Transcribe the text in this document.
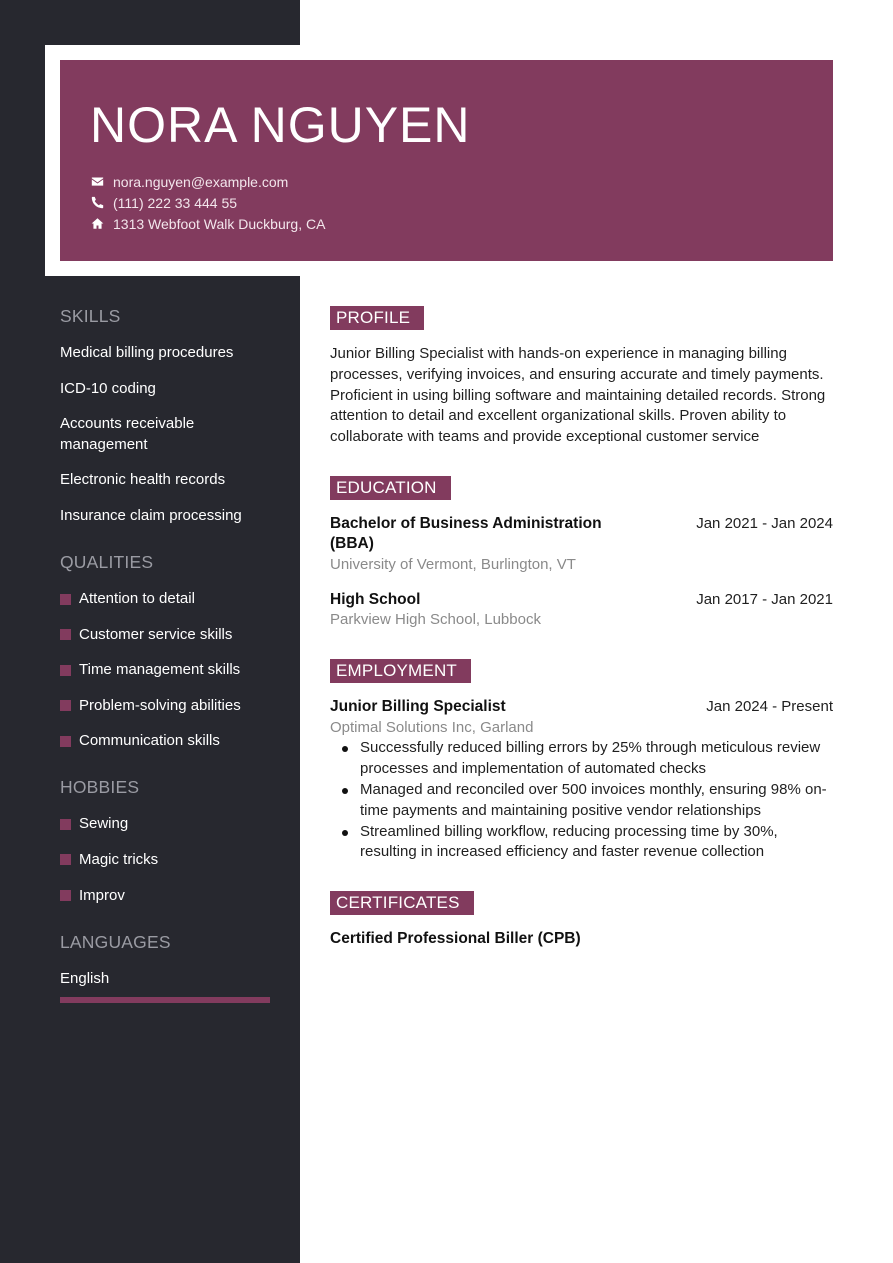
NORA NGUYEN
nora.nguyen@example.com
(111) 222 33 444 55
1313 Webfoot Walk Duckburg, CA
SKILLS
Medical billing procedures
ICD-10 coding
Accounts receivable management
Electronic health records
Insurance claim processing
QUALITIES
Attention to detail
Customer service skills
Time management skills
Problem-solving abilities
Communication skills
HOBBIES
Sewing
Magic tricks
Improv
LANGUAGES
English
PROFILE
Junior Billing Specialist with hands-on experience in managing billing processes, verifying invoices, and ensuring accurate and timely payments. Proficient in using billing software and maintaining detailed records. Strong attention to detail and excellent organizational skills. Proven ability to collaborate with teams and provide exceptional customer service
EDUCATION
Bachelor of Business Administration (BBA)
Jan 2021 - Jan 2024
University of Vermont, Burlington, VT
High School	Jan 2017 - Jan 2021
Parkview High School, Lubbock
EMPLOYMENT
Junior Billing Specialist	Jan 2024 - Present
Optimal Solutions Inc, Garland
Successfully reduced billing errors by 25% through meticulous review processes and implementation of automated checks
Managed and reconciled over 500 invoices monthly, ensuring 98% on-time payments and maintaining positive vendor relationships
Streamlined billing workflow, reducing processing time by 30%, resulting in increased efficiency and faster revenue collection
CERTIFICATES
Certified Professional Biller (CPB)
